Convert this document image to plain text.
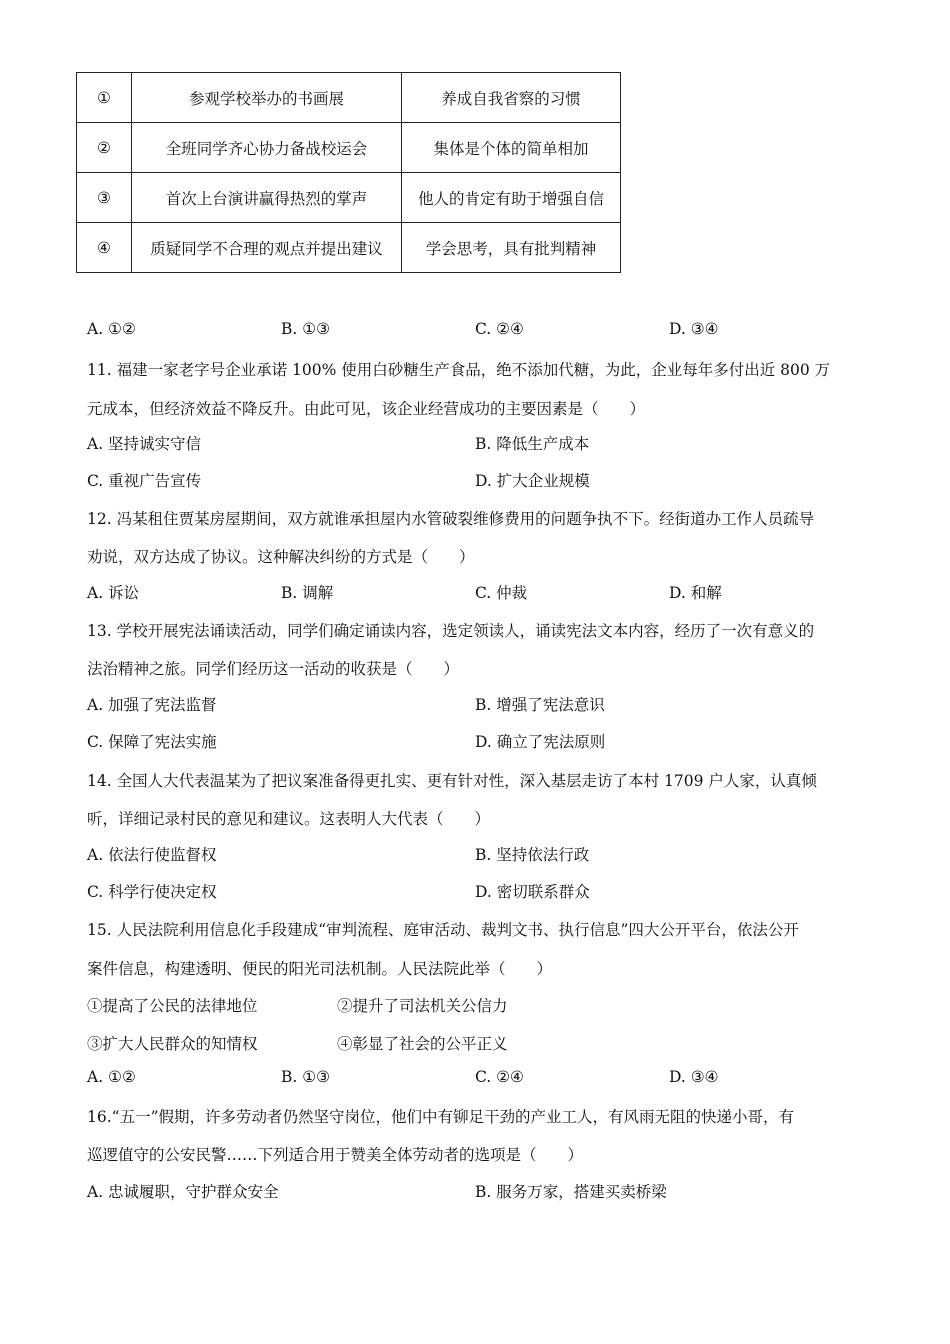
①	参观学校举办的书画展	养成自我省察的习惯
②	全班同学齐心协力备战校运会	集体是个体的简单相加
③	首次上台演讲赢得热烈的掌声	他人的肯定有助于增强自信
④	质疑同学不合理的观点并提出建议	学会思考，具有批判精神
A. ①②	B. ①③	C. ②④	D. ③④
11. 福建一家老字号企业承诺 100% 使用白砂糖生产食品，绝不添加代糖，为此，企业每年多付出近 800 万
元成本，但经济效益不降反升。由此可见，该企业经营成功的主要因素是（　　）
A. 坚持诚实守信	B. 降低生产成本
C. 重视广告宣传	D. 扩大企业规模
12. 冯某租住贾某房屋期间，双方就谁承担屋内水管破裂维修费用的问题争执不下。经街道办工作人员疏导
劝说，双方达成了协议。这种解决纠纷的方式是（　　）
A. 诉讼	B. 调解	C. 仲裁	D. 和解
13. 学校开展宪法诵读活动，同学们确定诵读内容，选定领读人，诵读宪法文本内容，经历了一次有意义的
法治精神之旅。同学们经历这一活动的收获是（　　）
A. 加强了宪法监督	B. 增强了宪法意识
C. 保障了宪法实施	D. 确立了宪法原则
14. 全国人大代表温某为了把议案准备得更扎实、更有针对性，深入基层走访了本村 1709 户人家，认真倾
听，详细记录村民的意见和建议。这表明人大代表（　　）
A. 依法行使监督权	B. 坚持依法行政
C. 科学行使决定权	D. 密切联系群众
15. 人民法院利用信息化手段建成“审判流程、庭审活动、裁判文书、执行信息”四大公开平台，依法公开
案件信息，构建透明、便民的阳光司法机制。人民法院此举（　　）
①提高了公民的法律地位	②提升了司法机关公信力
③扩大人民群众的知情权	④彰显了社会的公平正义
A. ①②	B. ①③	C. ②④	D. ③④
16.“五一”假期，许多劳动者仍然坚守岗位，他们中有铆足干劲的产业工人，有风雨无阻的快递小哥，有
巡逻值守的公安民警……下列适合用于赞美全体劳动者的选项是（　　）
A. 忠诚履职，守护群众安全	B. 服务万家，搭建买卖桥梁
